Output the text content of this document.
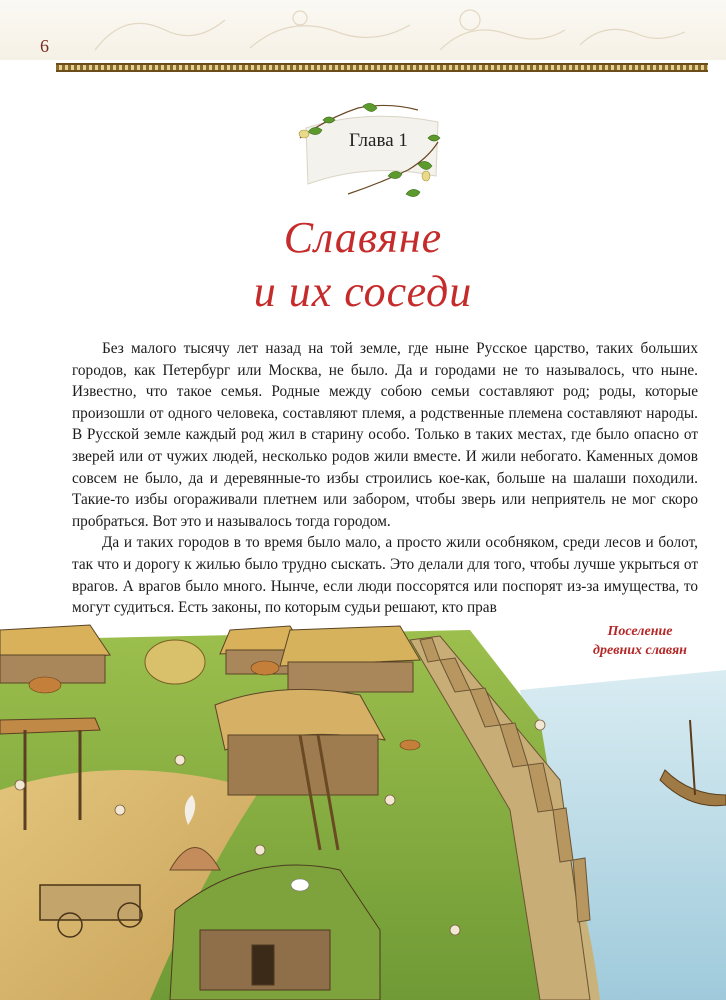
6
Глава 1
Славяне
и их соседи

Без малого тысячу лет назад на той земле, где ныне Русское царство, таких больших городов, как Петербург или Москва, не было. Да и городами не то называлось, что ныне. Известно, что такое семья. Родные между собою семьи составляют род; роды, которые произошли от одного человека, составляют племя, а родственные племена составляют народы. В Русской земле каждый род жил в старину особо. Только в таких местах, где было опасно от зверей или от чужих людей, несколько родов жили вместе. И жили небогато. Каменных домов совсем не было, да и деревянные-то избы строились кое-как, больше на шалаши походили. Такие-то избы огораживали плетнем или забором, чтобы зверь или неприятель не мог скоро пробраться. Вот это и называлось тогда городом.

Да и таких городов в то время было мало, а просто жили особняком, среди лесов и болот, так что и дорогу к жилью было трудно сыскать. Это делали для того, чтобы лучше укрыться от врагов. А врагов было много. Нынче, если люди поссорятся или поспорят из-за имущества, то могут судиться. Есть законы, по которым судьи решают, кто прав

Поселение
древних славян
